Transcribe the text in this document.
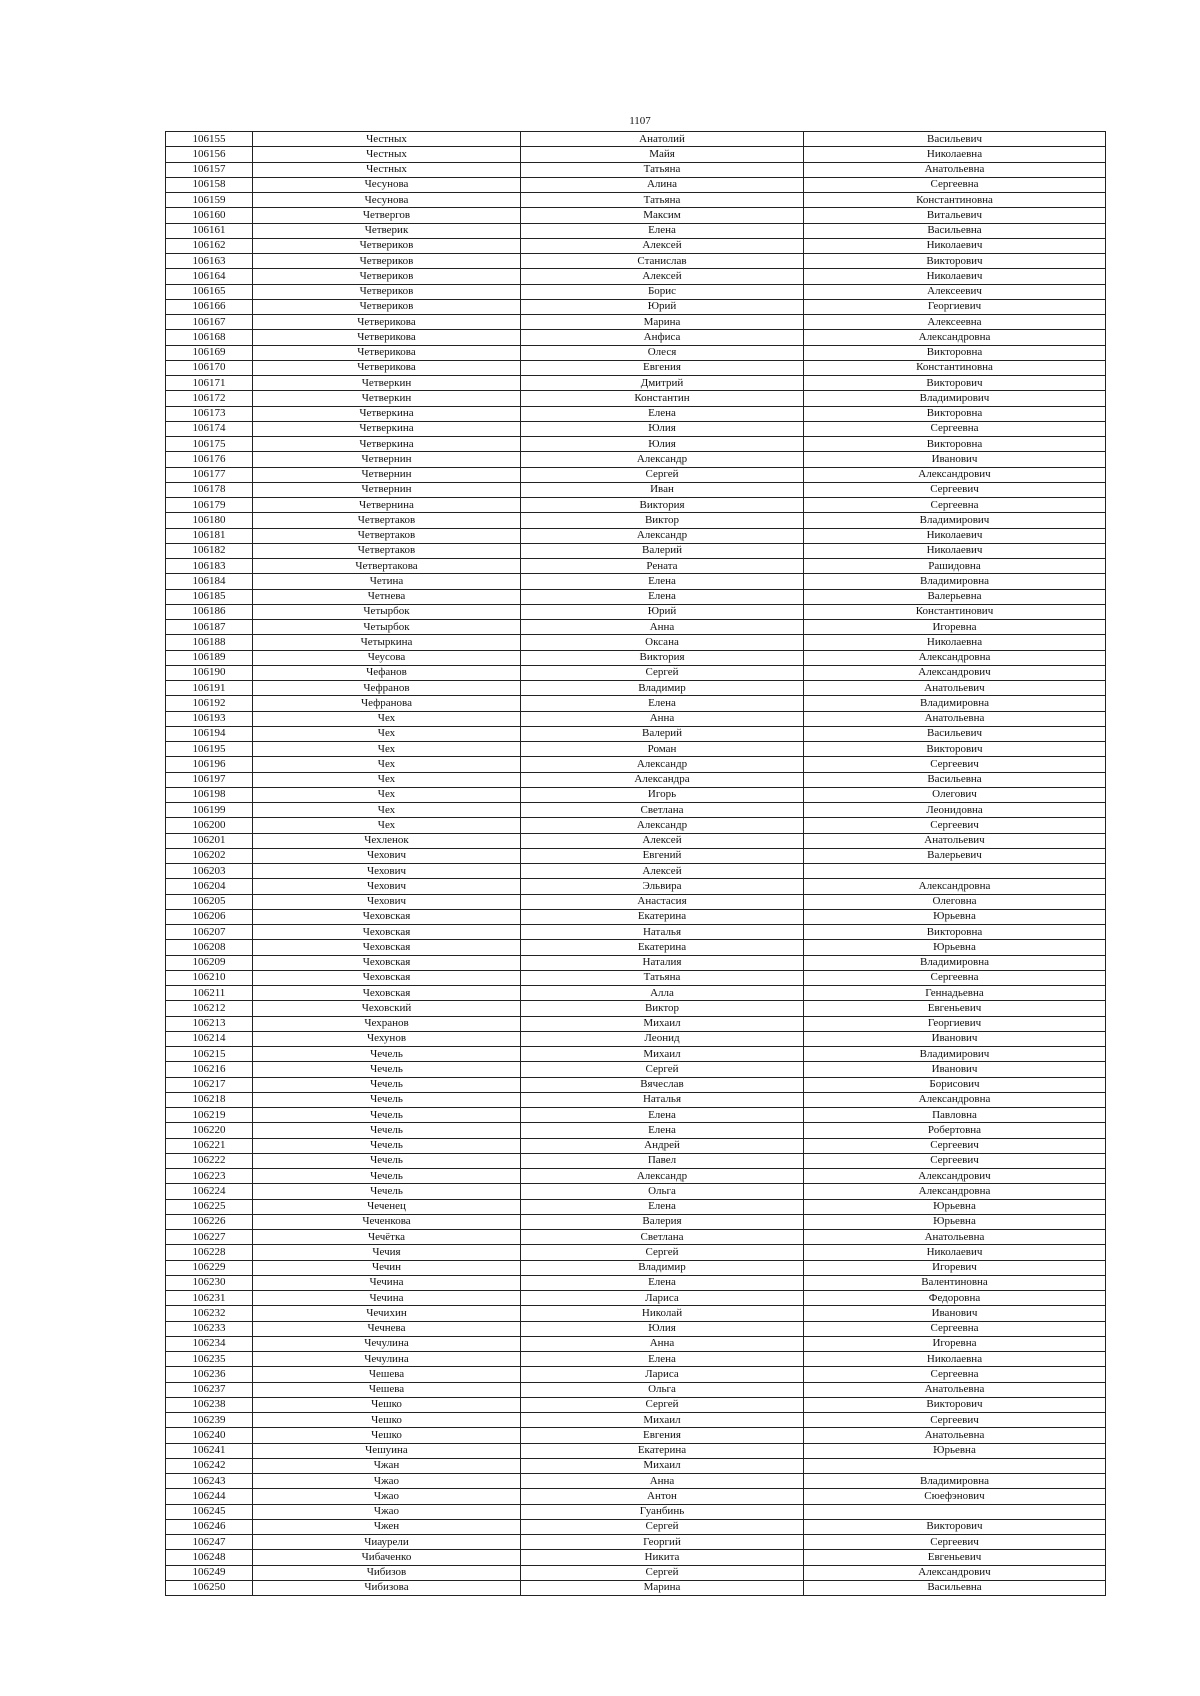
1107
106155	Честных	Анатолий	Васильевич
106156	Честных	Майя	Николаевна
106157	Честных	Татьяна	Анатольевна
106158	Чесунова	Алина	Сергеевна
106159	Чесунова	Татьяна	Константиновна
106160	Четвергов	Максим	Витальевич
106161	Четверик	Елена	Васильевна
106162	Четвериков	Алексей	Николаевич
106163	Четвериков	Станислав	Викторович
106164	Четвериков	Алексей	Николаевич
106165	Четвериков	Борис	Алексеевич
106166	Четвериков	Юрий	Георгиевич
106167	Четверикова	Марина	Алексеевна
106168	Четверикова	Анфиса	Александровна
106169	Четверикова	Олеся	Викторовна
106170	Четверикова	Евгения	Константиновна
106171	Четверкин	Дмитрий	Викторович
106172	Четверкин	Константин	Владимирович
106173	Четверкина	Елена	Викторовна
106174	Четверкина	Юлия	Сергеевна
106175	Четверкина	Юлия	Викторовна
106176	Четвернин	Александр	Иванович
106177	Четвернин	Сергей	Александрович
106178	Четвернин	Иван	Сергеевич
106179	Четвернина	Виктория	Сергеевна
106180	Четвертаков	Виктор	Владимирович
106181	Четвертаков	Александр	Николаевич
106182	Четвертаков	Валерий	Николаевич
106183	Четвертакова	Рената	Рашидовна
106184	Четина	Елена	Владимировна
106185	Четнева	Елена	Валерьевна
106186	Четырбок	Юрий	Константинович
106187	Четырбок	Анна	Игоревна
106188	Четыркина	Оксана	Николаевна
106189	Чеусова	Виктория	Александровна
106190	Чефанов	Сергей	Александрович
106191	Чефранов	Владимир	Анатольевич
106192	Чефранова	Елена	Владимировна
106193	Чех	Анна	Анатольевна
106194	Чех	Валерий	Васильевич
106195	Чех	Роман	Викторович
106196	Чех	Александр	Сергеевич
106197	Чех	Александра	Васильевна
106198	Чех	Игорь	Олегович
106199	Чех	Светлана	Леонидовна
106200	Чех	Александр	Сергеевич
106201	Чехленок	Алексей	Анатольевич
106202	Чехович	Евгений	Валерьевич
106203	Чехович	Алексей	
106204	Чехович	Эльвира	Александровна
106205	Чехович	Анастасия	Олеговна
106206	Чеховская	Екатерина	Юрьевна
106207	Чеховская	Наталья	Викторовна
106208	Чеховская	Екатерина	Юрьевна
106209	Чеховская	Наталия	Владимировна
106210	Чеховская	Татьяна	Сергеевна
106211	Чеховская	Алла	Геннадьевна
106212	Чеховский	Виктор	Евгеньевич
106213	Чехранов	Михаил	Георгиевич
106214	Чехунов	Леонид	Иванович
106215	Чечель	Михаил	Владимирович
106216	Чечель	Сергей	Иванович
106217	Чечель	Вячеслав	Борисович
106218	Чечель	Наталья	Александровна
106219	Чечель	Елена	Павловна
106220	Чечель	Елена	Робертовна
106221	Чечель	Андрей	Сергеевич
106222	Чечель	Павел	Сергеевич
106223	Чечель	Александр	Александрович
106224	Чечель	Ольга	Александровна
106225	Чеченец	Елена	Юрьевна
106226	Чеченкова	Валерия	Юрьевна
106227	Чечётка	Светлана	Анатольевна
106228	Чечия	Сергей	Николаевич
106229	Чечин	Владимир	Игоревич
106230	Чечина	Елена	Валентиновна
106231	Чечина	Лариса	Федоровна
106232	Чечихин	Николай	Иванович
106233	Чечнева	Юлия	Сергеевна
106234	Чечулина	Анна	Игоревна
106235	Чечулина	Елена	Николаевна
106236	Чешева	Лариса	Сергеевна
106237	Чешева	Ольга	Анатольевна
106238	Чешко	Сергей	Викторович
106239	Чешко	Михаил	Сергеевич
106240	Чешко	Евгения	Анатольевна
106241	Чешуина	Екатерина	Юрьевна
106242	Чжан	Михаил	
106243	Чжао	Анна	Владимировна
106244	Чжао	Антон	Сюефэнович
106245	Чжао	Гуанбинь	
106246	Чжен	Сергей	Викторович
106247	Чиаурели	Георгий	Сергеевич
106248	Чибаченко	Никита	Евгеньевич
106249	Чибизов	Сергей	Александрович
106250	Чибизова	Марина	Васильевна
